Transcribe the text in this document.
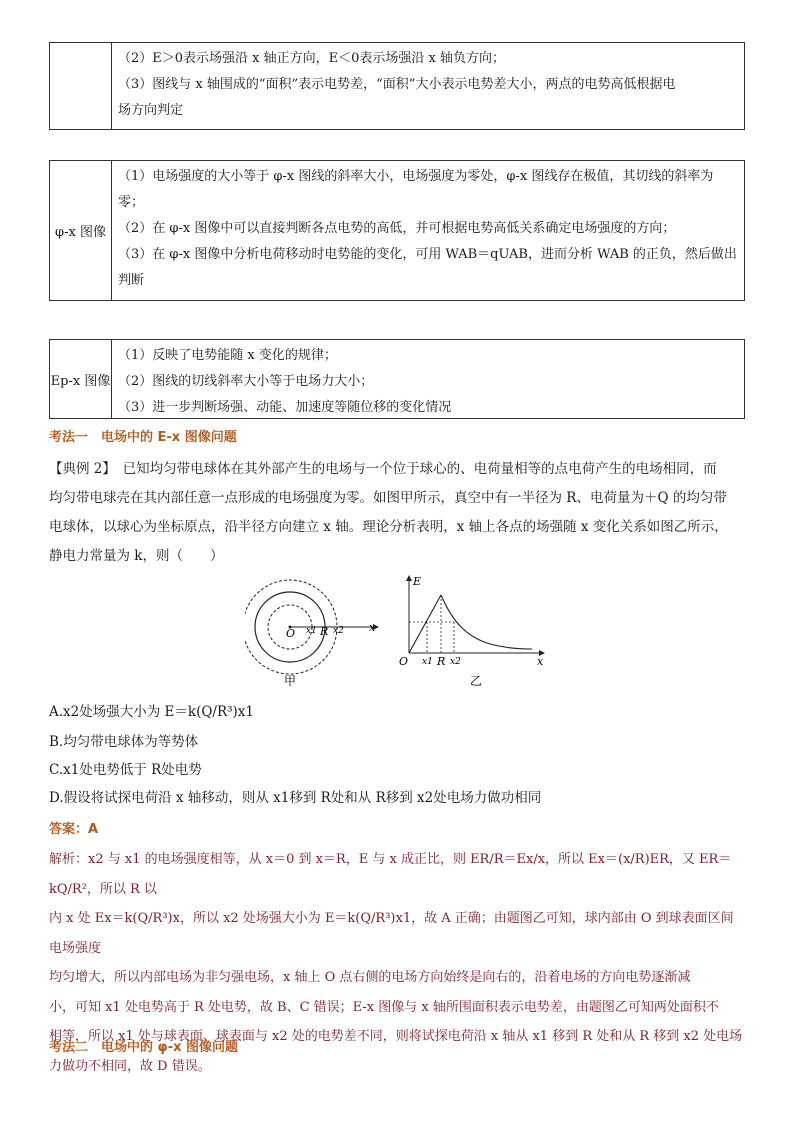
（2）E＞0表示场强沿 x 轴正方向，E＜0表示场强沿 x 轴负方向；
（3）图线与 x 轴围成的“面积”表示电势差，“面积”大小表示电势差大小，两点的电势高低根据电
场方向判定
φ-x 图像
（1）电场强度的大小等于 φ-x 图线的斜率大小，电场强度为零处，φ-x 图线存在极值，其切线的斜率为
零；
（2）在 φ-x 图像中可以直接判断各点电势的高低，并可根据电势高低关系确定电场强度的方向；
（3）在 φ-x 图像中分析电荷移动时电势能的变化，可用 WAB＝qUAB，进而分析 WAB 的正负，然后做出
判断
Ep-x 图像
（1）反映了电势能随 x 变化的规律；
（2）图线的切线斜率大小等于电场力大小；
（3）进一步判断场强、动能、加速度等随位移的变化情况
考法一　电场中的 E-x 图像问题
【典例 2】　已知均匀带电球体在其外部产生的电场与一个位于球心的、电荷量相等的点电荷产生的电场相同，而
均匀带电球壳在其内部任意一点形成的电场强度为零。如图甲所示，真空中有一半径为 R、电荷量为＋Q 的均匀带
电球体，以球心为坐标原点，沿半径方向建立 x 轴。理论分析表明，x 轴上各点的场强随 x 变化关系如图乙所示，
静电力常量为 k，则（　　）
O x1 R x2 x
甲
E
O x1 R x2	x
乙
A.x2处场强大小为 E＝k(Q/R³)x1
B.均匀带电球体为等势体
C.x1处电势低于 R处电势
D.假设将试探电荷沿 x 轴移动，则从 x1移到 R处和从 R移到 x2处电场力做功相同
答案：A
解析：x2 与 x1 的电场强度相等，从 x＝0 到 x＝R，E 与 x 成正比，则 ER/R＝Ex/x，所以 Ex＝(x/R)ER，又 ER＝kQ/R²，所以 R 以
内 x 处 Ex＝k(Q/R³)x，所以 x2 处场强大小为 E＝k(Q/R³)x1，故 A 正确；由题图乙可知，球内部由 O 到球表面区间电场强度
均匀增大，所以内部电场为非匀强电场，x 轴上 O 点右侧的电场方向始终是向右的，沿着电场的方向电势逐渐减
小，可知 x1 处电势高于 R 处电势，故 B、C 错误；E-x 图像与 x 轴所围面积表示电势差，由题图乙可知两处面积不
相等，所以 x1 处与球表面、球表面与 x2 处的电势差不同，则将试探电荷沿 x 轴从 x1 移到 R 处和从 R 移到 x2 处电场
力做功不相同，故 D 错误。
考法二　电场中的 φ-x 图像问题
